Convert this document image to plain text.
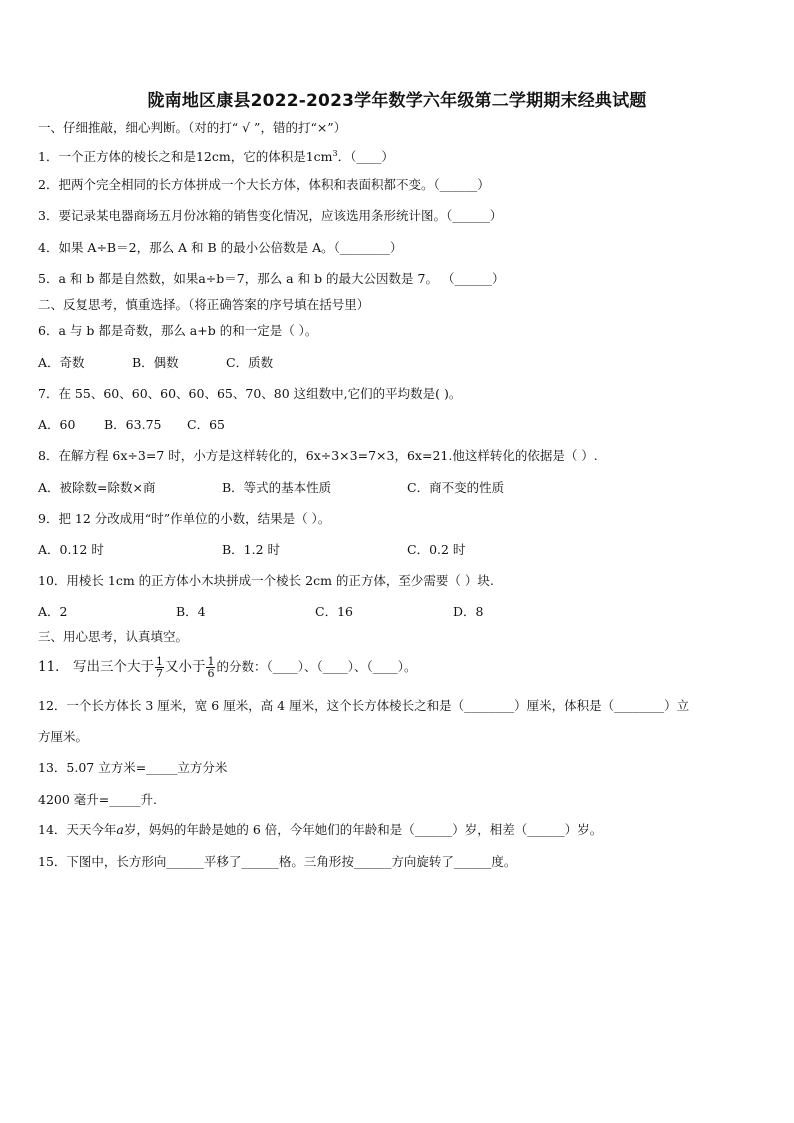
陇南地区康县2022-2023学年数学六年级第二学期期末经典试题
一、仔细推敲，细心判断。（对的打“ √ ”，错的打“×”）
1．一个正方体的棱长之和是12cm，它的体积是$1cm^3$．（____）
2．把两个完全相同的长方体拼成一个大长方体，体积和表面积都不变。（______）
3．要记录某电器商场五月份冰箱的销售变化情况，应该选用条形统计图。（______）
4．如果 A÷B＝2，那么 A 和 B 的最小公倍数是 A。（________）
5．a 和 b 都是自然数，如果a÷b＝7，那么 a 和 b 的最大公因数是 7。 （______）
二、反复思考，慎重选择。（将正确答案的序号填在括号里）
6．a 与 b 都是奇数，那么 a+b 的和一定是（ ）。
A．奇数	B．偶数	C．质数
7．在 55、60、60、60、60、65、70、80 这组数中,它们的平均数是( )。
A．60 B．63.75 C．65
8．在解方程 6x÷3=7 时，小方是这样转化的，6x÷3×3=7×3，6x=21.他这样转化的依据是（ ）.
A．被除数=除数×商	B．等式的基本性质	C．商不变的性质
9．把 12 分改成用“时”作单位的小数，结果是（ ）。
A．0.12 时	B．1.2 时	C．0.2 时
10．用棱长 1cm 的正方体小木块拼成一个棱长 2cm 的正方体，至少需要（ ）块.
A．2	B．4	C．16	D．8
三、用心思考，认真填空。
11． 写出三个大于 $\frac{1}{7}$ 又小于 $\frac{1}{6}$ 的分数：（____）、（____）、（____）。
12．一个长方体长 3 厘米，宽 6 厘米，高 4 厘米，这个长方体棱长之和是（________）厘米，体积是（________）立
方厘米。
13．5.07 立方米=_____立方分米
4200 毫升=_____升.
14．天天今年a岁，妈妈的年龄是她的 6 倍，今年她们的年龄和是（______）岁，相差（______）岁。
15．下图中，长方形向______平移了______格。三角形按______方向旋转了______度。
